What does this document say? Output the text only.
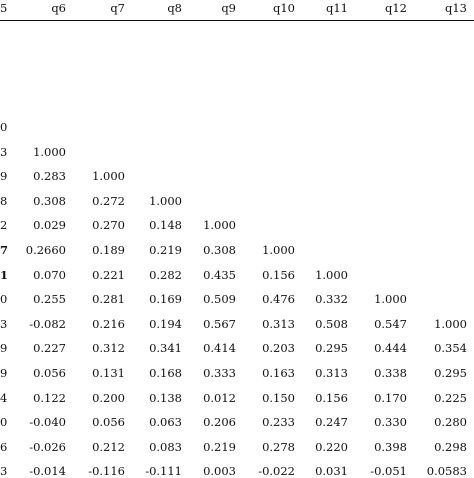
5	q6	q7	q8	q9	q10	q11	q12	q13
0
3	1.000
9	0.283	1.000
8	0.308	0.272	1.000
2	0.029	0.270	0.148	1.000
7	0.2660	0.189	0.219	0.308	1.000
1	0.070	0.221	0.282	0.435	0.156	1.000
0	0.255	0.281	0.169	0.509	0.476	0.332	1.000
3	-0.082	0.216	0.194	0.567	0.313	0.508	0.547	1.000
9	0.227	0.312	0.341	0.414	0.203	0.295	0.444	0.354
9	0.056	0.131	0.168	0.333	0.163	0.313	0.338	0.295
4	0.122	0.200	0.138	0.012	0.150	0.156	0.170	0.225
0	-0.040	0.056	0.063	0.206	0.233	0.247	0.330	0.280
6	-0.026	0.212	0.083	0.219	0.278	0.220	0.398	0.298
3	-0.014	-0.116	-0.111	0.003	-0.022	0.031	-0.051	0.0583
